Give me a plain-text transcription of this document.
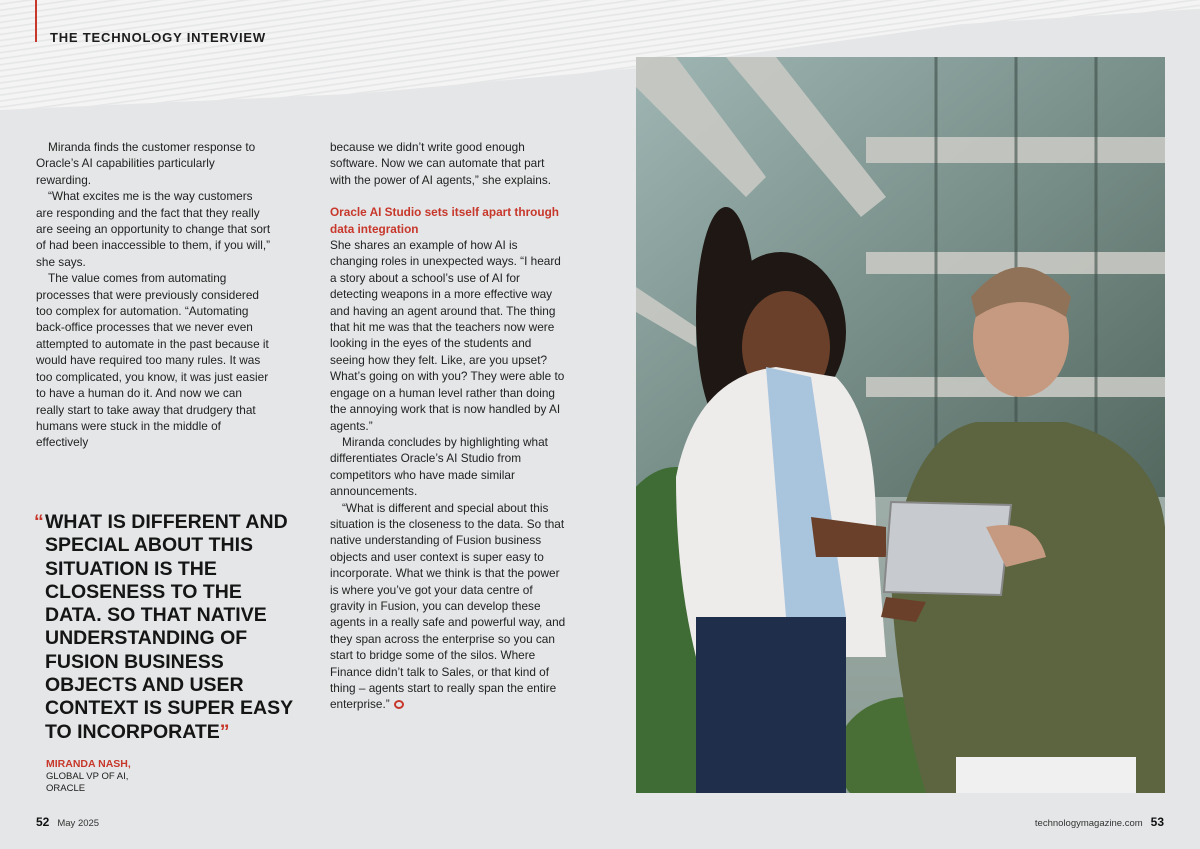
THE TECHNOLOGY INTERVIEW

Miranda finds the customer response to Oracle’s AI capabilities particularly rewarding.

“What excites me is the way customers are responding and the fact that they really are seeing an opportunity to change that sort of had been inaccessible to them, if you will,” she says.

The value comes from automating processes that were previously considered too complex for automation. “Automating back-office processes that we never even attempted to automate in the past because it would have required too many rules. It was too complicated, you know, it was just easier to have a human do it. And now we can really start to take away that drudgery that humans were stuck in the middle of effectively

because we didn’t write good enough software. Now we can automate that part with the power of AI agents,” she explains.

Oracle AI Studio sets itself apart through data integration

She shares an example of how AI is changing roles in unexpected ways. “I heard a story about a school’s use of AI for detecting weapons in a more effective way and having an agent around that. The thing that hit me was that the teachers now were looking in the eyes of the students and seeing how they felt. Like, are you upset? What’s going on with you? They were able to engage on a human level rather than doing the annoying work that is now handled by AI agents.”

Miranda concludes by highlighting what differentiates Oracle’s AI Studio from competitors who have made similar announcements.

“What is different and special about this situation is the closeness to the data. So that native understanding of Fusion business objects and user context is super easy to incorporate. What we think is that the power is where you’ve got your data centre of gravity in Fusion, you can develop these agents in a really safe and powerful way, and they span across the enterprise so you can start to bridge some of the silos. Where Finance didn’t talk to Sales, or that kind of thing – agents start to really span the entire enterprise.”

“ WHAT IS DIFFERENT AND SPECIAL ABOUT THIS SITUATION IS THE CLOSENESS TO THE DATA. SO THAT NATIVE UNDERSTANDING OF FUSION BUSINESS OBJECTS AND USER CONTEXT IS SUPER EASY TO INCORPORATE”
MIRANDA NASH,
GLOBAL VP OF AI,
ORACLE
52 May 2025	technologymagazine.com 53
